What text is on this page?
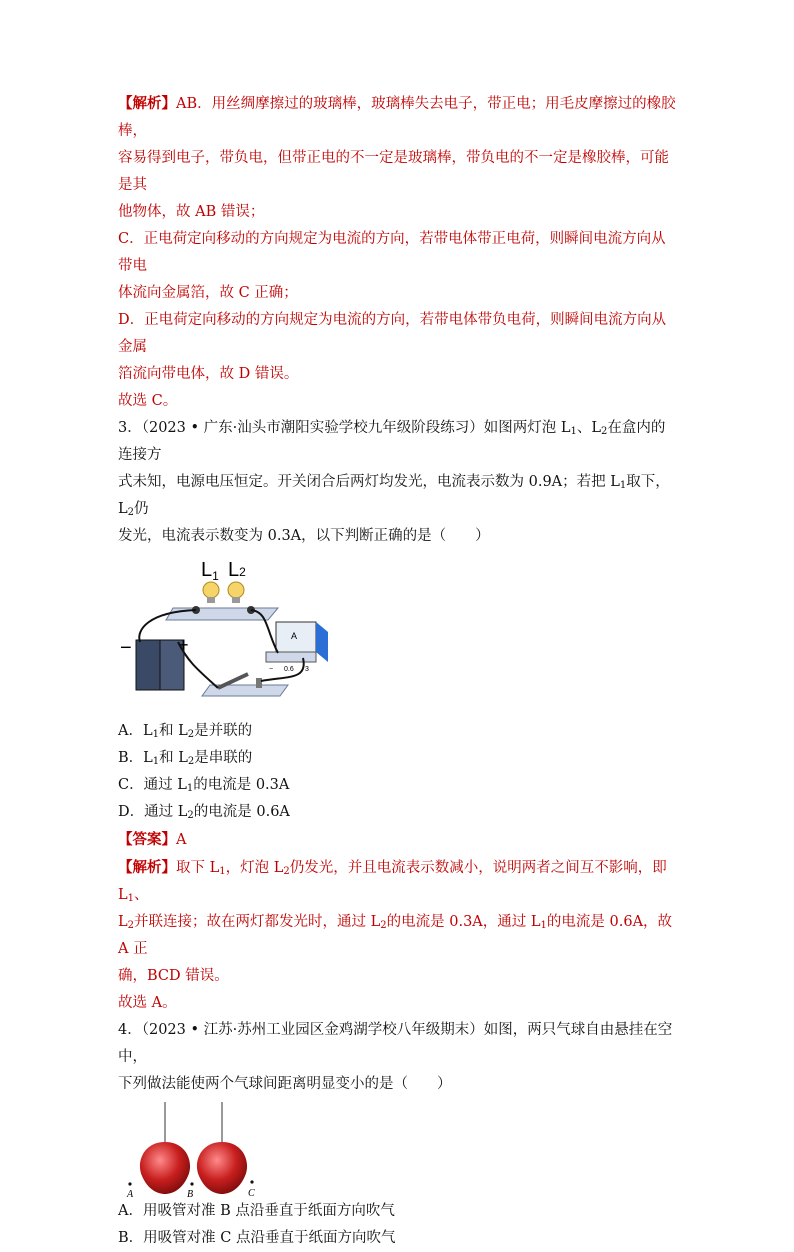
【解析】AB．用丝绸摩擦过的玻璃棒，玻璃棒失去电子，带正电；用毛皮摩擦过的橡胶棒，

容易得到电子，带负电，但带正电的不一定是玻璃棒，带负电的不一定是橡胶棒，可能是其

他物体，故 AB 错误；

C．正电荷定向移动的方向规定为电流的方向，若带电体带正电荷，则瞬间电流方向从带电

体流向金属箔，故 C 正确；

D．正电荷定向移动的方向规定为电流的方向，若带电体带负电荷，则瞬间电流方向从金属

箔流向带电体，故 D 错误。

故选 C。

3．（2023 • 广东·汕头市潮阳实验学校九年级阶段练习）如图两灯泡 $L_1$、$L_2$在盒内的连接方

式未知，电源电压恒定。开关闭合后两灯均发光，电流表示数为 0.9A；若把 $L_1$取下，$L_2$仍

发光，电流表示数变为 0.3A，以下判断正确的是（　　）

$L_1$ L2
−	+	A
− 0.6 3

A．$L_1$和 $L_2$是并联的

B．$L_1$和 $L_2$是串联的

C．通过 $L_1$的电流是 0.3A

D．通过 $L_2$的电流是 0.6A

【答案】A

【解析】取下 $L_1$，灯泡 $L_2$仍发光，并且电流表示数减小，说明两者之间互不影响，即 $L_1$、

$L_2$并联连接；故在两灯都发光时，通过 $L_2$的电流是 0.3A，通过 $L_1$的电流是 0.6A，故 A 正

确，BCD 错误。

故选 A。

4．（2023 • 江苏·苏州工业园区金鸡湖学校八年级期末）如图，两只气球自由悬挂在空中，

下列做法能使两个气球间距离明显变小的是（　　）

A	B	C

A．用吸管对准 B 点沿垂直于纸面方向吹气

B．用吸管对准 C 点沿垂直于纸面方向吹气
